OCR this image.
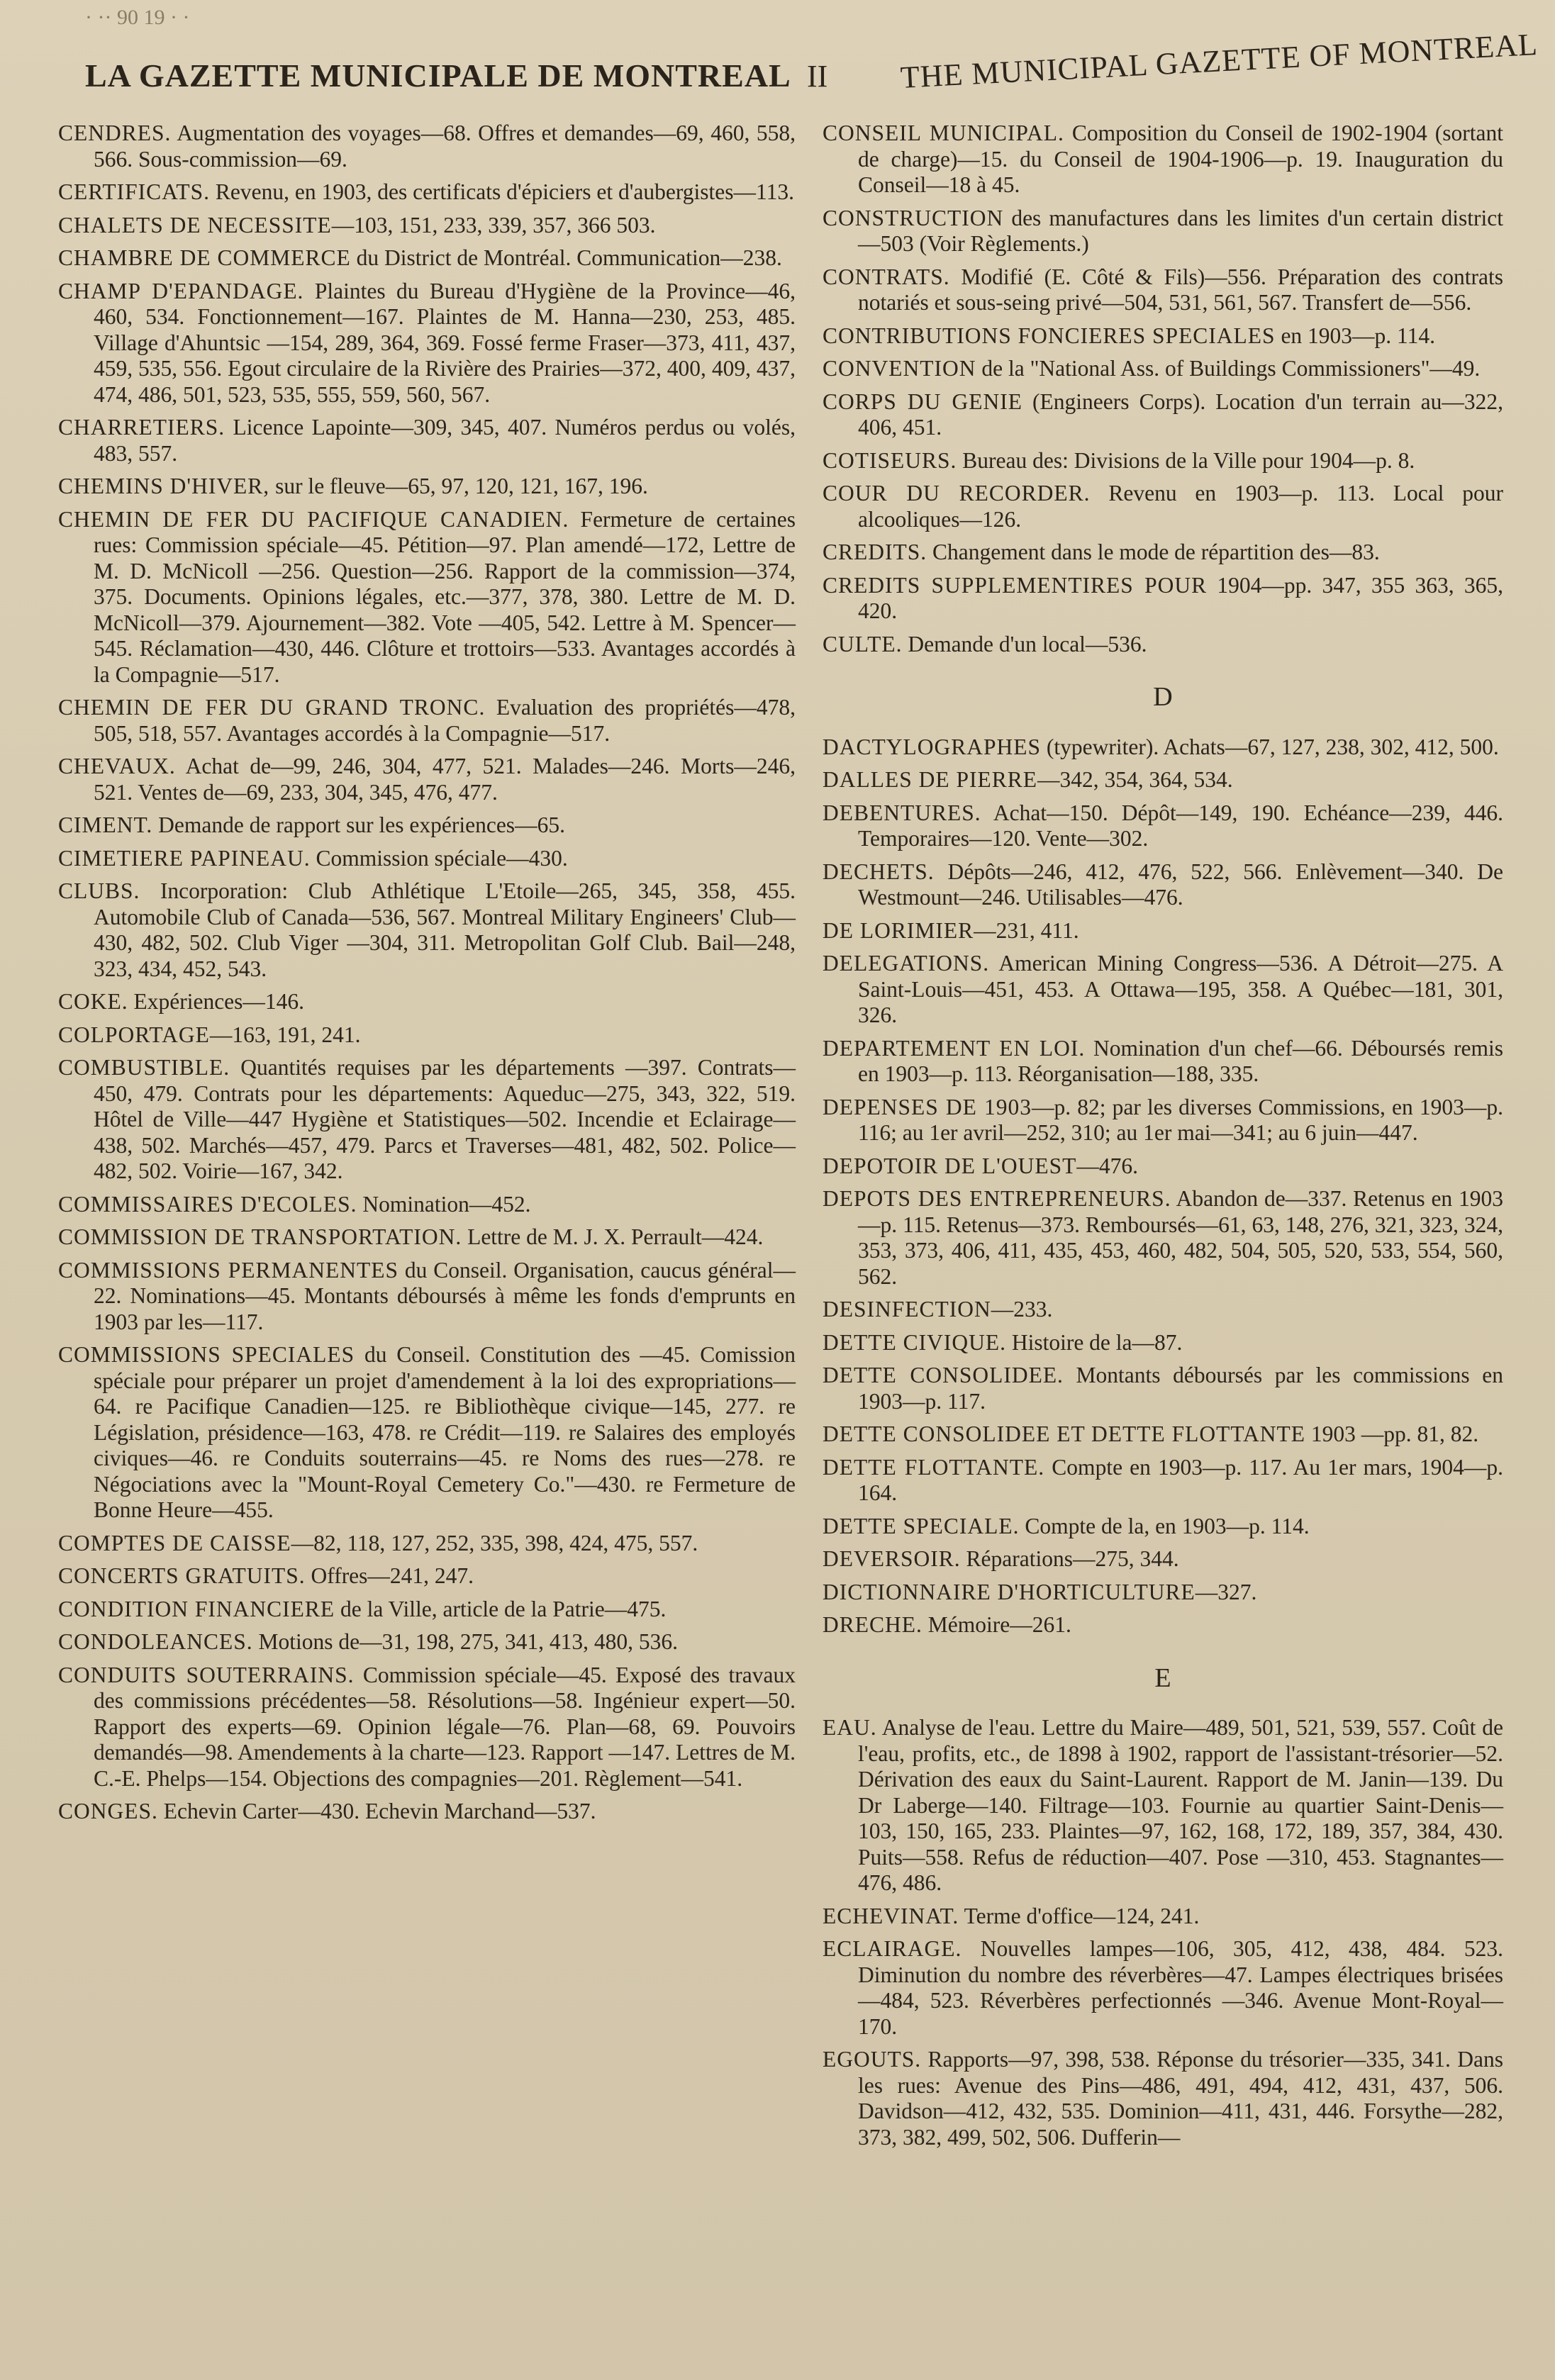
· ·· 90 19 · ·
LA GAZETTE MUNICIPALE DE MONTREAL II THE MUNICIPAL GAZETTE OF MONTREAL
CENDRES. Augmentation des voyages—68. Offres et demandes—69, 460, 558, 566. Sous-commission—69.
CERTIFICATS. Revenu, en 1903, des certificats d'épiciers et d'aubergistes—113.
CHALETS DE NECESSITE—103, 151, 233, 339, 357, 366 503.
CHAMBRE DE COMMERCE du District de Montréal. Communication—238.
CHAMP D'EPANDAGE. Plaintes du Bureau d'Hygiène de la Province—46, 460, 534. Fonctionnement—167. Plaintes de M. Hanna—230, 253, 485. Village d'Ahuntsic —154, 289, 364, 369. Fossé ferme Fraser—373, 411, 437, 459, 535, 556. Egout circulaire de la Rivière des Prairies—372, 400, 409, 437, 474, 486, 501, 523, 535, 555, 559, 560, 567.
CHARRETIERS. Licence Lapointe—309, 345, 407. Numéros perdus ou volés, 483, 557.
CHEMINS D'HIVER, sur le fleuve—65, 97, 120, 121, 167, 196.
CHEMIN DE FER DU PACIFIQUE CANADIEN. Fermeture de certaines rues: Commission spéciale—45. Pétition—97. Plan amendé—172, Lettre de M. D. McNicoll —256. Question—256. Rapport de la commission—374, 375. Documents. Opinions légales, etc.—377, 378, 380. Lettre de M. D. McNicoll—379. Ajournement—382. Vote —405, 542. Lettre à M. Spencer—545. Réclamation—430, 446. Clôture et trottoirs—533. Avantages accordés à la Compagnie—517.
CHEMIN DE FER DU GRAND TRONC. Evaluation des propriétés—478, 505, 518, 557. Avantages accordés à la Compagnie—517.
CHEVAUX. Achat de—99, 246, 304, 477, 521. Malades—246. Morts—246, 521. Ventes de—69, 233, 304, 345, 476, 477.
CIMENT. Demande de rapport sur les expériences—65.
CIMETIERE PAPINEAU. Commission spéciale—430.
CLUBS. Incorporation: Club Athlétique L'Etoile—265, 345, 358, 455. Automobile Club of Canada—536, 567. Montreal Military Engineers' Club—430, 482, 502. Club Viger —304, 311. Metropolitan Golf Club. Bail—248, 323, 434, 452, 543.
COKE. Expériences—146.
COLPORTAGE—163, 191, 241.
COMBUSTIBLE. Quantités requises par les départements —397. Contrats—450, 479. Contrats pour les départements: Aqueduc—275, 343, 322, 519. Hôtel de Ville—447 Hygiène et Statistiques—502. Incendie et Eclairage—438, 502. Marchés—457, 479. Parcs et Traverses—481, 482, 502. Police—482, 502. Voirie—167, 342.
COMMISSAIRES D'ECOLES. Nomination—452.
COMMISSION DE TRANSPORTATION. Lettre de M. J. X. Perrault—424.
COMMISSIONS PERMANENTES du Conseil. Organisation, caucus général—22. Nominations—45. Montants déboursés à même les fonds d'emprunts en 1903 par les—117.
COMMISSIONS SPECIALES du Conseil. Constitution des —45. Comission spéciale pour préparer un projet d'amendement à la loi des expropriations—64. re Pacifique Canadien—125. re Bibliothèque civique—145, 277. re Législation, présidence—163, 478. re Crédit—119. re Salaires des employés civiques—46. re Conduits souterrains—45. re Noms des rues—278. re Négociations avec la "Mount-Royal Cemetery Co."—430. re Fermeture de Bonne Heure—455.
COMPTES DE CAISSE—82, 118, 127, 252, 335, 398, 424, 475, 557.
CONCERTS GRATUITS. Offres—241, 247.
CONDITION FINANCIERE de la Ville, article de la Patrie—475.
CONDOLEANCES. Motions de—31, 198, 275, 341, 413, 480, 536.
CONDUITS SOUTERRAINS. Commission spéciale—45. Exposé des travaux des commissions précédentes—58. Résolutions—58. Ingénieur expert—50. Rapport des experts—69. Opinion légale—76. Plan—68, 69. Pouvoirs demandés—98. Amendements à la charte—123. Rapport —147. Lettres de M. C.-E. Phelps—154. Objections des compagnies—201. Règlement—541.
CONGES. Echevin Carter—430. Echevin Marchand—537.
CONSEIL MUNICIPAL. Composition du Conseil de 1902-1904 (sortant de charge)—15. du Conseil de 1904-1906—p. 19. Inauguration du Conseil—18 à 45.
CONSTRUCTION des manufactures dans les limites d'un certain district—503 (Voir Règlements.)
CONTRATS. Modifié (E. Côté & Fils)—556. Préparation des contrats notariés et sous-seing privé—504, 531, 561, 567. Transfert de—556.
CONTRIBUTIONS FONCIERES SPECIALES en 1903—p. 114.
CONVENTION de la "National Ass. of Buildings Commissioners"—49.
CORPS DU GENIE (Engineers Corps). Location d'un terrain au—322, 406, 451.
COTISEURS. Bureau des: Divisions de la Ville pour 1904—p. 8.
COUR DU RECORDER. Revenu en 1903—p. 113. Local pour alcooliques—126.
CREDITS. Changement dans le mode de répartition des—83.
CREDITS SUPPLEMENTIRES POUR 1904—pp. 347, 355 363, 365, 420.
CULTE. Demande d'un local—536.
D
DACTYLOGRAPHES (typewriter). Achats—67, 127, 238, 302, 412, 500.
DALLES DE PIERRE—342, 354, 364, 534.
DEBENTURES. Achat—150. Dépôt—149, 190. Echéance—239, 446. Temporaires—120. Vente—302.
DECHETS. Dépôts—246, 412, 476, 522, 566. Enlèvement—340. De Westmount—246. Utilisables—476.
DE LORIMIER—231, 411.
DELEGATIONS. American Mining Congress—536. A Détroit—275. A Saint-Louis—451, 453. A Ottawa—195, 358. A Québec—181, 301, 326.
DEPARTEMENT EN LOI. Nomination d'un chef—66. Déboursés remis en 1903—p. 113. Réorganisation—188, 335.
DEPENSES DE 1903—p. 82; par les diverses Commissions, en 1903—p. 116; au 1er avril—252, 310; au 1er mai—341; au 6 juin—447.
DEPOTOIR DE L'OUEST—476.
DEPOTS DES ENTREPRENEURS. Abandon de—337. Retenus en 1903—p. 115. Retenus—373. Remboursés—61, 63, 148, 276, 321, 323, 324, 353, 373, 406, 411, 435, 453, 460, 482, 504, 505, 520, 533, 554, 560, 562.
DESINFECTION—233.
DETTE CIVIQUE. Histoire de la—87.
DETTE CONSOLIDEE. Montants déboursés par les commissions en 1903—p. 117.
DETTE CONSOLIDEE ET DETTE FLOTTANTE 1903 —pp. 81, 82.
DETTE FLOTTANTE. Compte en 1903—p. 117. Au 1er mars, 1904—p. 164.
DETTE SPECIALE. Compte de la, en 1903—p. 114.
DEVERSOIR. Réparations—275, 344.
DICTIONNAIRE D'HORTICULTURE—327.
DRECHE. Mémoire—261.
E
EAU. Analyse de l'eau. Lettre du Maire—489, 501, 521, 539, 557. Coût de l'eau, profits, etc., de 1898 à 1902, rapport de l'assistant-trésorier—52. Dérivation des eaux du Saint-Laurent. Rapport de M. Janin—139. Du Dr Laberge—140. Filtrage—103. Fournie au quartier Saint-Denis—103, 150, 165, 233. Plaintes—97, 162, 168, 172, 189, 357, 384, 430. Puits—558. Refus de réduction—407. Pose —310, 453. Stagnantes—476, 486.
ECHEVINAT. Terme d'office—124, 241.
ECLAIRAGE. Nouvelles lampes—106, 305, 412, 438, 484. 523. Diminution du nombre des réverbères—47. Lampes électriques brisées—484, 523. Réverbères perfectionnés —346. Avenue Mont-Royal—170.
EGOUTS. Rapports—97, 398, 538. Réponse du trésorier—335, 341. Dans les rues: Avenue des Pins—486, 491, 494, 412, 431, 437, 506. Davidson—412, 432, 535. Dominion—411, 431, 446. Forsythe—282, 373, 382, 499, 502, 506. Dufferin—
